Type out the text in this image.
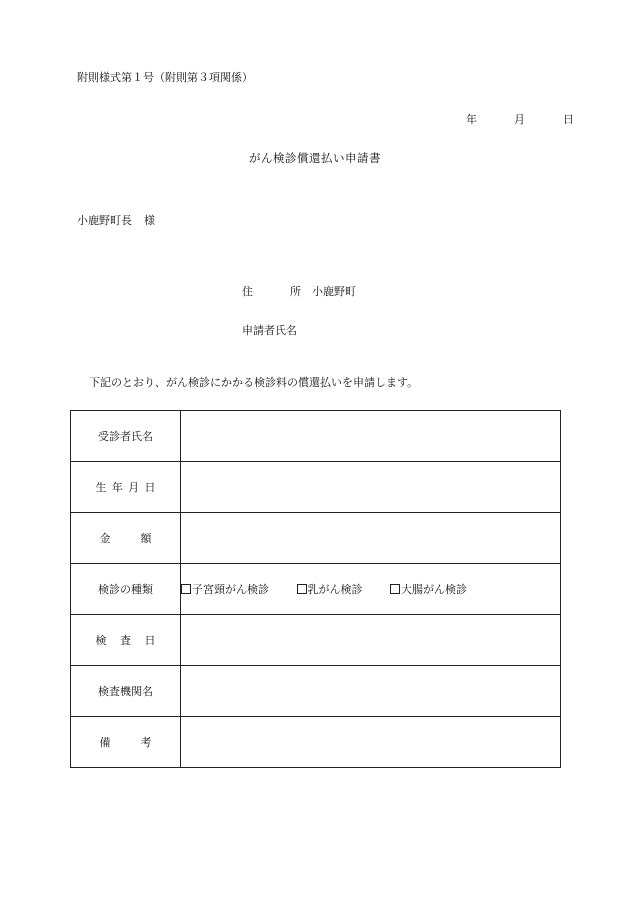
附則様式第１号（附則第３項関係）
年	月	日
がん検診償還払い申請書
小鹿野町長 様
住	所 小鹿野町
申請者氏名
下記のとおり、がん検診にかかる検診料の償還払いを申請します。
受診者氏名	
生年月日	
金額	
検診の種類	子宮頸がん検診 乳がん検診 大腸がん検診
検査日	
検査機関名	
備考	
